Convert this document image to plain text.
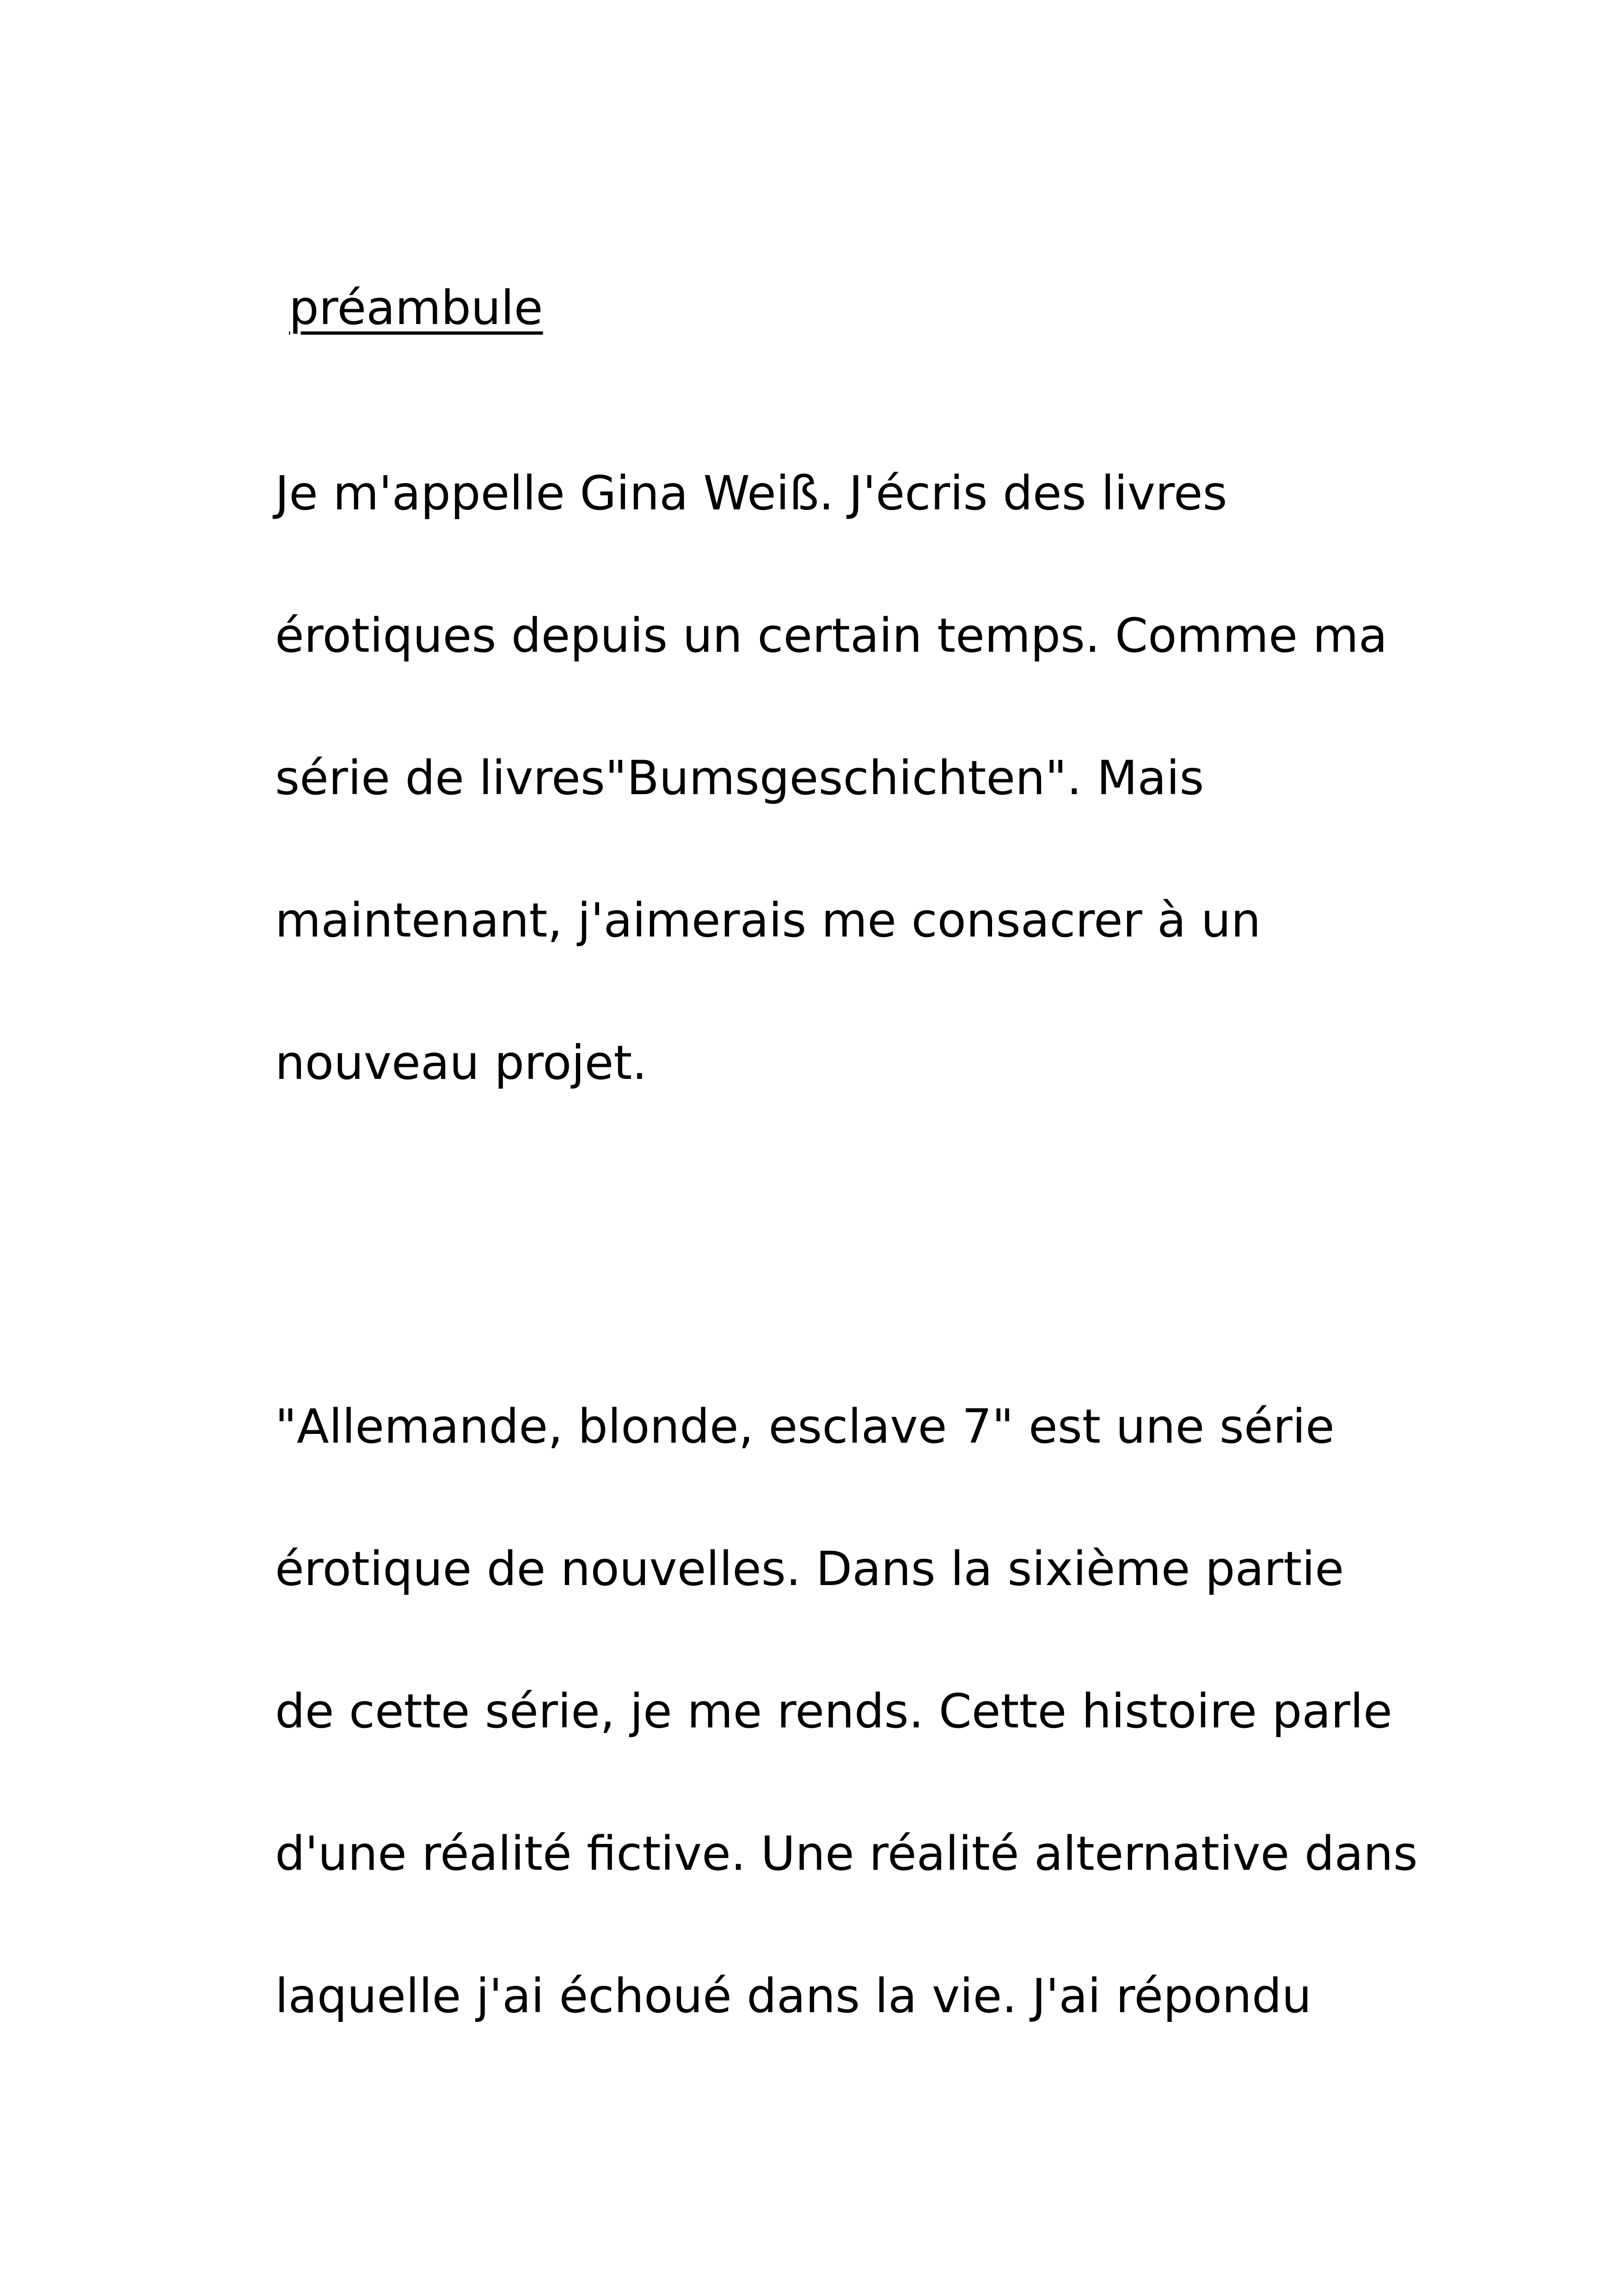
préambule

Je m'appelle Gina Weiß. J'écris des livres

érotiques depuis un certain temps. Comme ma

série de livres"Bumsgeschichten". Mais

maintenant, j'aimerais me consacrer à un

nouveau projet.

"Allemande, blonde, esclave 7" est une série

érotique de nouvelles. Dans la sixième partie

de cette série, je me rends. Cette histoire parle

d'une réalité fictive. Une réalité alternative dans

laquelle j'ai échoué dans la vie. J'ai répondu
